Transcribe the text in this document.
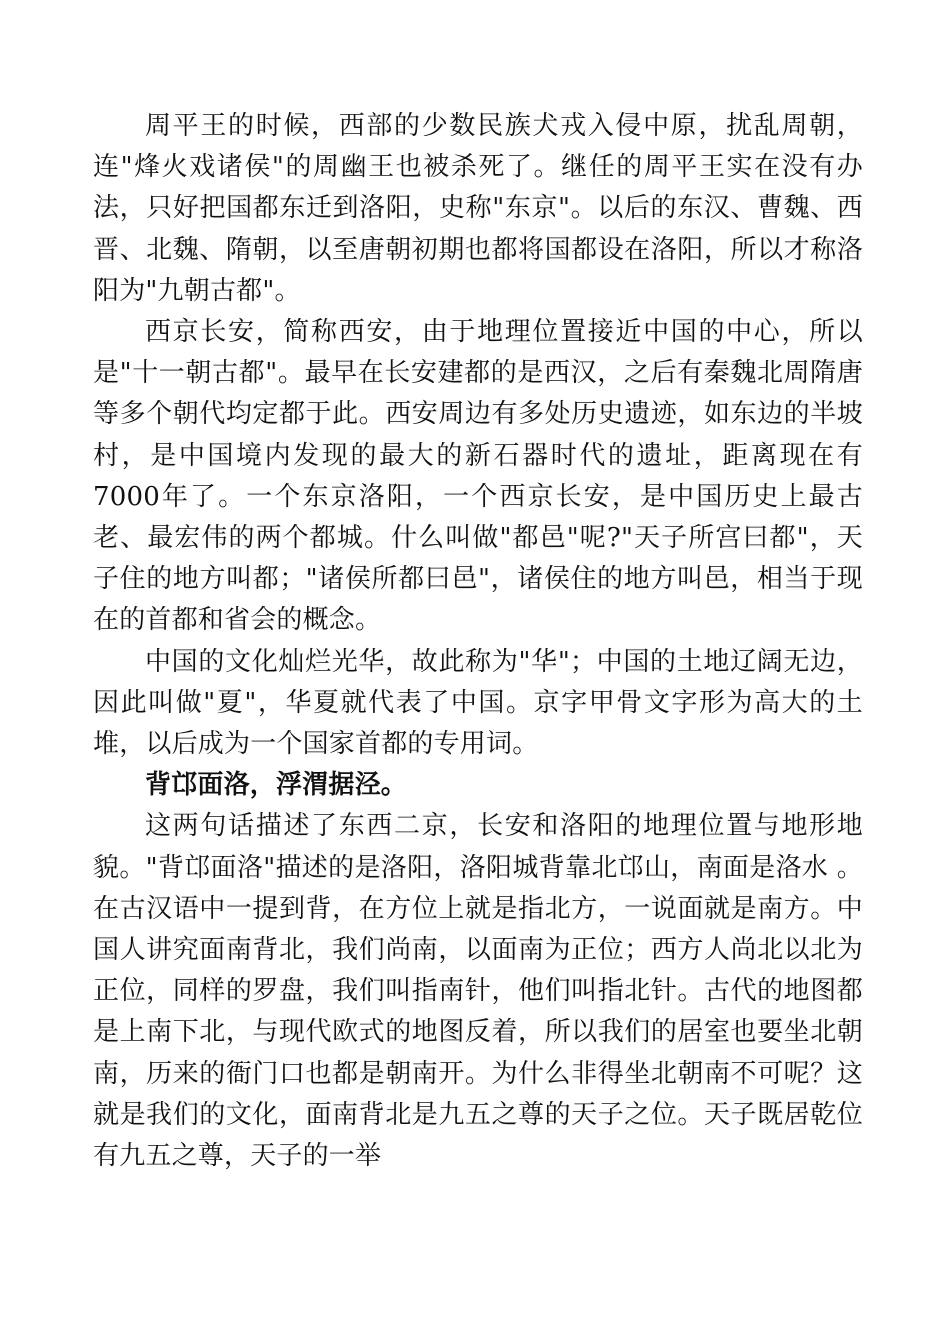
周平王的时候，西部的少数民族犬戎入侵中原，扰乱周朝，连"烽火戏诸侯"的周幽王也被杀死了。继任的周平王实在没有办法，只好把国都东迁到洛阳，史称"东京"。以后的东汉、曹魏、西晋、北魏、隋朝，以至唐朝初期也都将国都设在洛阳，所以才称洛阳为"九朝古都"。

西京长安，简称西安，由于地理位置接近中国的中心，所以是"十一朝古都"。最早在长安建都的是西汉，之后有秦魏北周隋唐等多个朝代均定都于此。西安周边有多处历史遗迹，如东边的半坡村，是中国境内发现的最大的新石器时代的遗址，距离现在有7000年了。一个东京洛阳，一个西京长安，是中国历史上最古老、最宏伟的两个都城。什么叫做"都邑"呢?"天子所宫曰都"，天子住的地方叫都；"诸侯所都曰邑"，诸侯住的地方叫邑，相当于现在的首都和省会的概念。

中国的文化灿烂光华，故此称为"华"；中国的土地辽阔无边，因此叫做"夏"，华夏就代表了中国。京字甲骨文字形为高大的土堆，以后成为一个国家首都的专用词。

背邙面洛，浮渭据泾。

这两句话描述了东西二京，长安和洛阳的地理位置与地形地貌。"背邙面洛"描述的是洛阳，洛阳城背靠北邙山，南面是洛水 。在古汉语中一提到背，在方位上就是指北方，一说面就是南方。中国人讲究面南背北，我们尚南，以面南为正位；西方人尚北以北为正位，同样的罗盘，我们叫指南针，他们叫指北针。古代的地图都是上南下北，与现代欧式的地图反着，所以我们的居室也要坐北朝南，历来的衙门口也都是朝南开。为什么非得坐北朝南不可呢？这就是我们的文化，面南背北是九五之尊的天子之位。天子既居乾位有九五之尊，天子的一举
